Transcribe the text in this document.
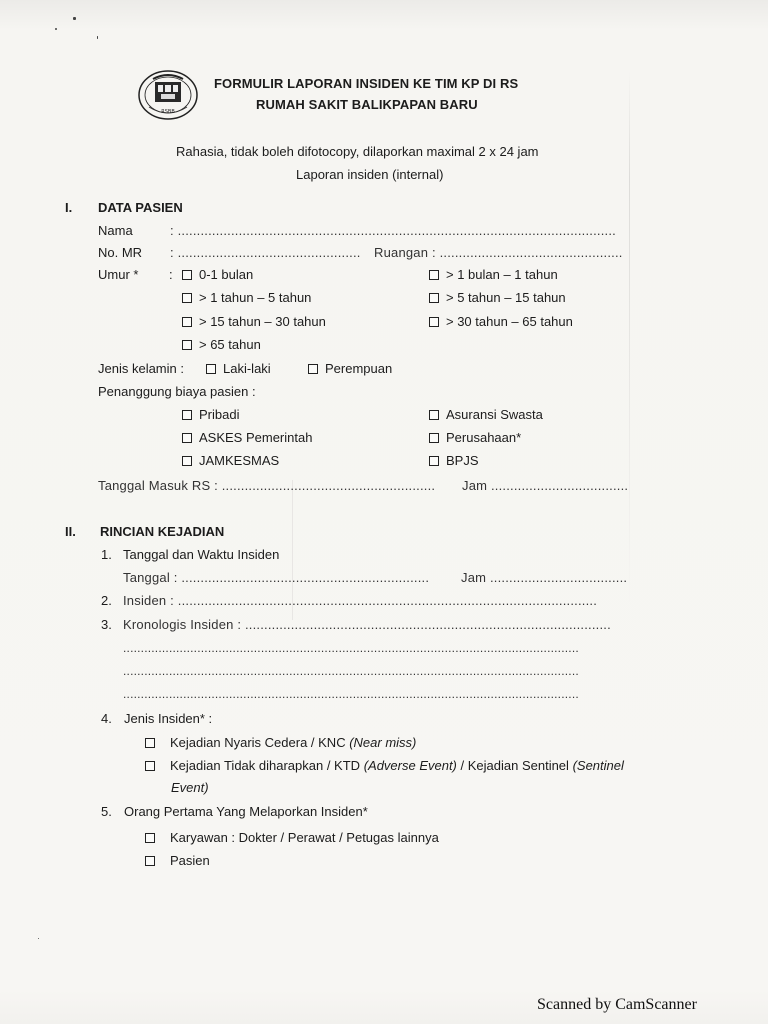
RSBB
FORMULIR LAPORAN INSIDEN KE TIM KP DI RS
RUMAH SAKIT BALIKPAPAN BARU
Rahasia, tidak boleh difotocopy, dilaporkan maximal 2 x 24 jam
Laporan insiden (internal)
I. DATA PASIEN
Nama	: ...................................................................................................................
No. MR : ................................................ Ruangan : ................................................
Umur * :	0-1 bulan	> 1 bulan – 1 tahun
> 1 tahun – 5 tahun	> 5 tahun – 15 tahun
> 15 tahun – 30 tahun	> 30 tahun – 65 tahun
> 65 tahun
Jenis kelamin :	Laki-laki	Perempuan
Penanggung biaya pasien :
Pribadi	Asuransi Swasta
ASKES Pemerintah	Perusahaan*
JAMKESMAS	BPJS
Tanggal Masuk RS : ........................................................ Jam ....................................
II. RINCIAN KEJADIAN
1. Tanggal dan Waktu Insiden
Tanggal : ................................................................. Jam ....................................
2. Insiden : ..............................................................................................................
3. Kronologis Insiden : ................................................................................................
.................................................................................................................................
.................................................................................................................................
.................................................................................................................................
4. Jenis Insiden* :
Kejadian Nyaris Cedera / KNC (Near miss)
Kejadian Tidak diharapkan / KTD (Adverse Event) / Kejadian Sentinel (Sentinel
Event)
5. Orang Pertama Yang Melaporkan Insiden*
Karyawan : Dokter / Perawat / Petugas lainnya
Pasien
Scanned by CamScanner
